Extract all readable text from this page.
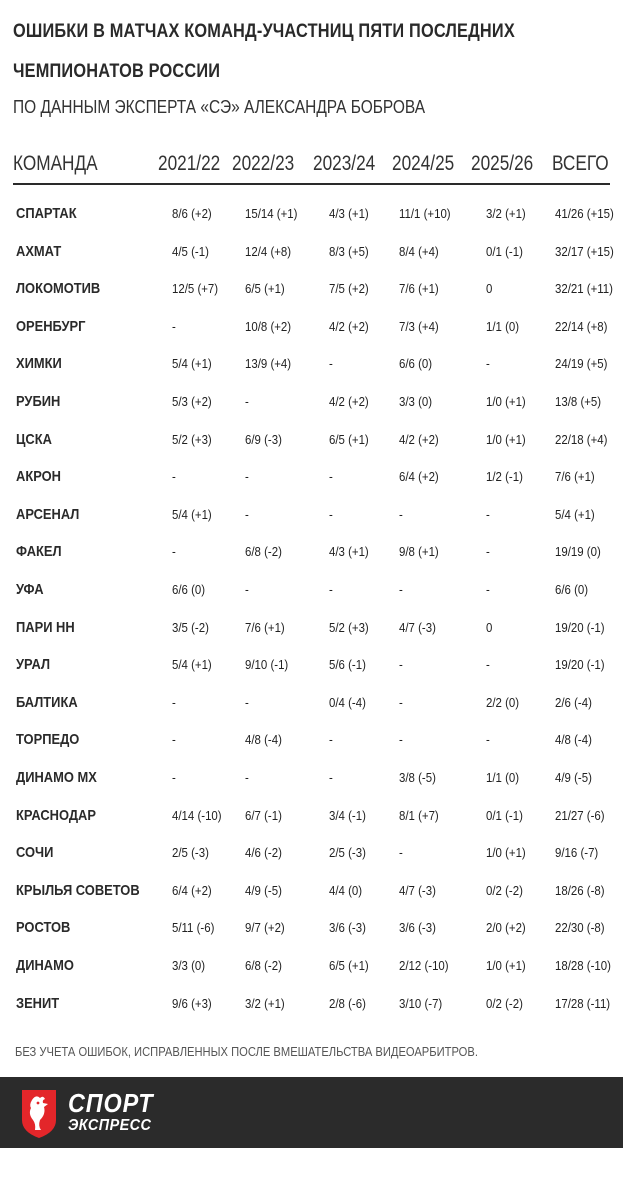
ОШИБКИ В МАТЧАХ КОМАНД-УЧАСТНИЦ ПЯТИ ПОСЛЕДНИХ ЧЕМПИОНАТОВ РОССИИ
ПО ДАННЫМ ЭКСПЕРТА «СЭ» АЛЕКСАНДРА БОБРОВА
КОМАНДА	2021/22 2022/23 2023/24 2024/25 2025/26 ВСЕГО
СПАРТАК	8/6 (+2)	15/14 (+1) 4/3 (+1) 11/1 (+10)	3/2 (+1) 41/26 (+15)
АХМАТ	4/5 (-1)	12/4 (+8)	8/3 (+5) 8/4 (+4)	0/1 (-1) 32/17 (+15)
ЛОКОМОТИВ	12/5 (+7) 6/5 (+1)	7/5 (+2) 7/6 (+1)	0	32/21 (+11)
ОРЕНБУРГ	-	10/8 (+2)	4/2 (+2) 7/3 (+4)	1/1 (0)	22/14 (+8)
ХИМКИ	5/4 (+1)	13/9 (+4)	-	6/6 (0)	-	24/19 (+5)
РУБИН	5/3 (+2)	-	4/2 (+2) 3/3 (0)	1/0 (+1) 13/8 (+5)
ЦСКА	5/2 (+3)	6/9 (-3)	6/5 (+1) 4/2 (+2)	1/0 (+1) 22/18 (+4)
АКРОН	-	-	-	6/4 (+2)	1/2 (-1) 7/6 (+1)
АРСЕНАЛ	5/4 (+1)	-	-	-	-	5/4 (+1)
ФАКЕЛ	-	6/8 (-2)	4/3 (+1) 9/8 (+1)	-	19/19 (0)
УФА	6/6 (0)	-	-	-	-	6/6 (0)
ПАРИ НН	3/5 (-2)	7/6 (+1)	5/2 (+3) 4/7 (-3)	0	19/20 (-1)
УРАЛ	5/4 (+1)	9/10 (-1)	5/6 (-1)	-	-	19/20 (-1)
БАЛТИКА	-	-	0/4 (-4)	-	2/2 (0)	2/6 (-4)
ТОРПЕДО	-	4/8 (-4)	-	-	-	4/8 (-4)
ДИНАМО МХ	-	-	-	3/8 (-5)	1/1 (0)	4/9 (-5)
КРАСНОДАР	4/14 (-10) 6/7 (-1)	3/4 (-1)	8/1 (+7)	0/1 (-1) 21/27 (-6)
СОЧИ	2/5 (-3)	4/6 (-2)	2/5 (-3)	-	1/0 (+1) 9/16 (-7)
КРЫЛЬЯ СОВЕТОВ 6/4 (+2)	4/9 (-5)	4/4 (0)	4/7 (-3)	0/2 (-2) 18/26 (-8)
РОСТОВ	5/11 (-6) 9/7 (+2)	3/6 (-3)	3/6 (-3)	2/0 (+2) 22/30 (-8)
ДИНАМО	3/3 (0)	6/8 (-2)	6/5 (+1) 2/12 (-10)	1/0 (+1) 18/28 (-10)
ЗЕНИТ	9/6 (+3)	3/2 (+1)	2/8 (-6)	3/10 (-7)	0/2 (-2) 17/28 (-11)
БЕЗ УЧЕТА ОШИБОК, ИСПРАВЛЕННЫХ ПОСЛЕ ВМЕШАТЕЛЬСТВА ВИДЕОАРБИТРОВ.
СПОРТ
ЭКСПРЕСС
